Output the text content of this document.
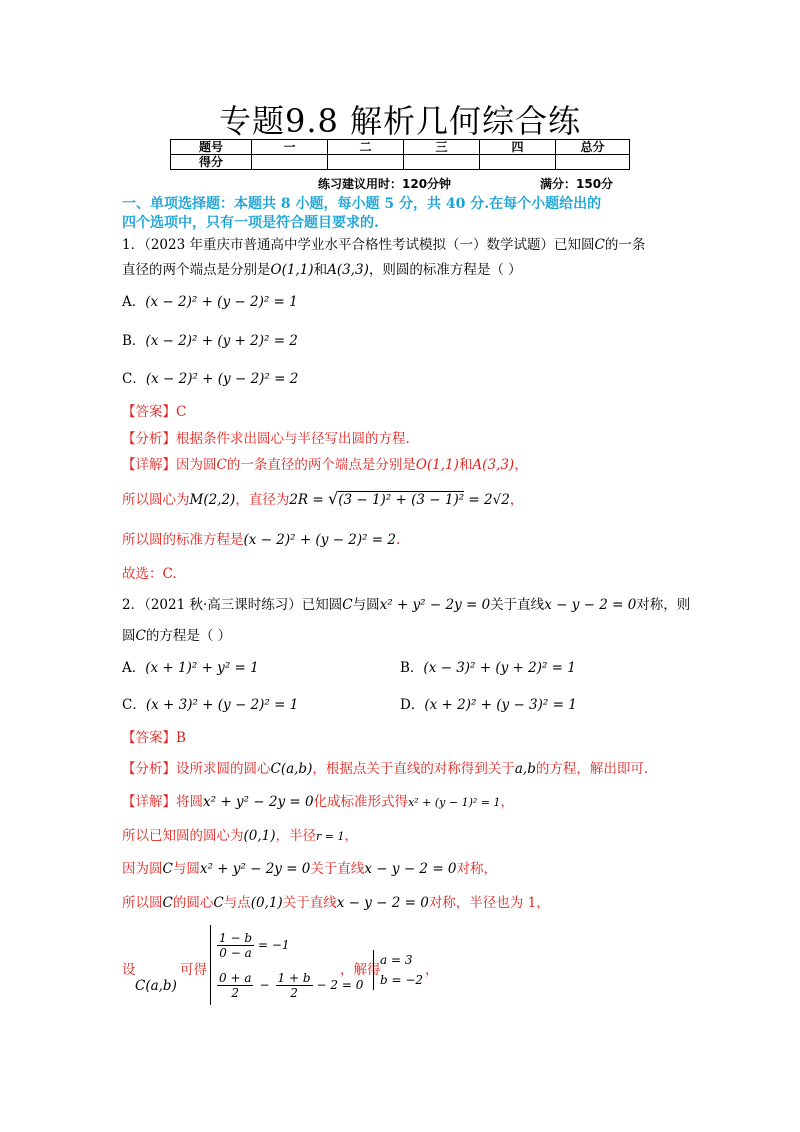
专题9.8 解析几何综合练
题号	一	二	三	四	总分
得分					
练习建议用时：120分钟	满分：150分
一、单项选择题：本题共 8 小题，每小题 5 分，共 40 分.在每个小题给出的
四个选项中，只有一项是符合题目要求的.
1．（2023 年重庆市普通高中学业水平合格性考试模拟（一）数学试题）已知圆C的一条
直径的两个端点是分别是O(1,1)和A(3,3)，则圆的标准方程是（ ）
A．(x − 2)² + (y − 2)² = 1
B．(x − 2)² + (y + 2)² = 2
C．(x − 2)² + (y − 2)² = 2
【答案】C
【分析】根据条件求出圆心与半径写出圆的方程.
【详解】因为圆C的一条直径的两个端点是分别是O(1,1)和A(3,3)，
所以圆心为M(2,2)，直径为2R = √(3 − 1)² + (3 − 1)² = 2√2，
所以圆的标准方程是(x − 2)² + (y − 2)² = 2.
故选：C.
2．（2021 秋·高三课时练习）已知圆C与圆x² + y² − 2y = 0关于直线x − y − 2 = 0对称，则
圆C的方程是（ ）
A．(x + 1)² + y² = 1	B．(x − 3)² + (y + 2)² = 1
C．(x + 3)² + (y − 2)² = 1	D．(x + 2)² + (y − 3)² = 1
【答案】B
【分析】设所求圆的圆心C(a,b)，根据点关于直线的对称得到关于a,b的方程，解出即可.
【详解】将圆x² + y² − 2y = 0化成标准形式得x² + (y − 1)² = 1，
所以已知圆的圆心为(0,1)，半径r = 1，
因为圆C与圆x² + y² − 2y = 0关于直线x − y − 2 = 0对称，
所以圆C的圆心C与点(0,1)关于直线x − y − 2 = 0对称，半径也为 1，
设
C(a,b)
可得
$\frac{1 - b}{0 - a} = -1$
$\frac{0 + a}{2} - \frac{1 + b}{2} - 2 = 0$
，解得
a = 3
b = −2
，
